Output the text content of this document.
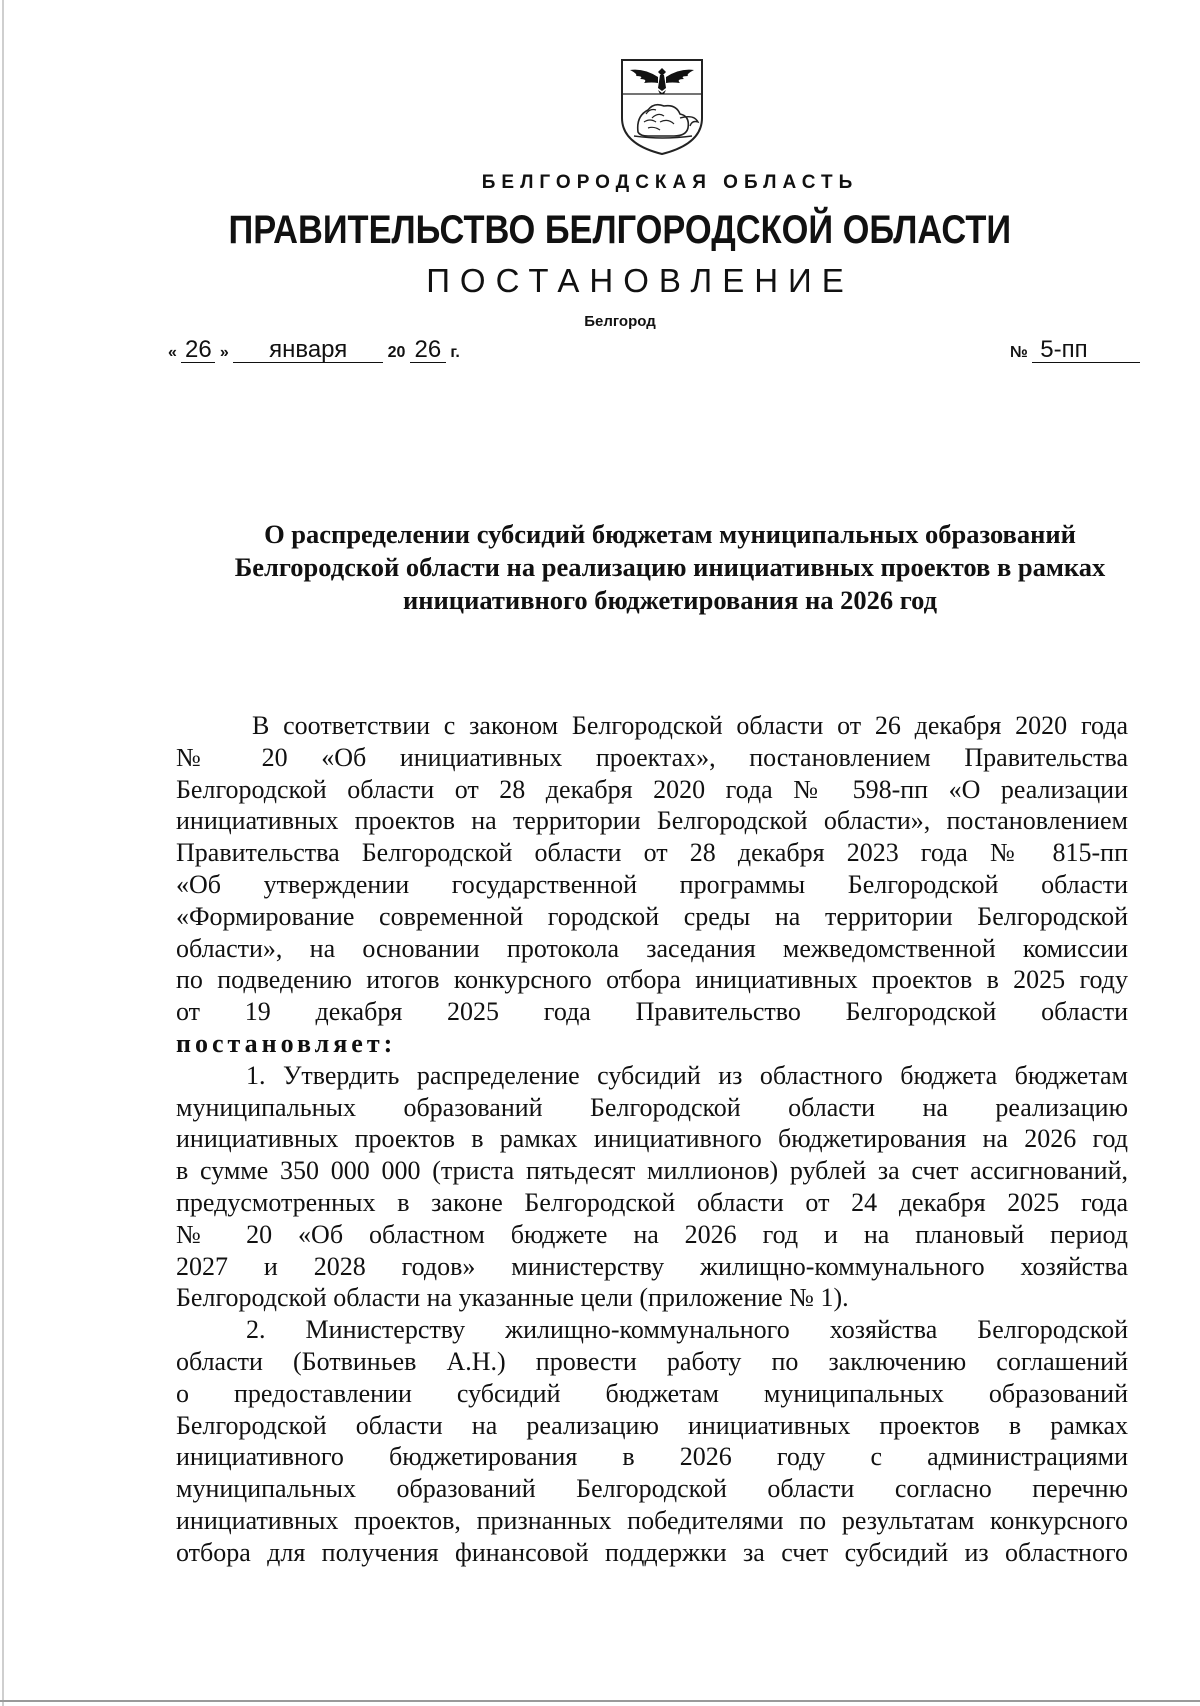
БЕЛГОРОДСКАЯ ОБЛАСТЬ
ПРАВИТЕЛЬСТВО БЕЛГОРОДСКОЙ ОБЛАСТИ
ПОСТАНОВЛЕНИЕ
Белгород
« 26 » января	20 26 г.	№ 5-пп
О распределении субсидий бюджетам муниципальных образований
Белгородской области на реализацию инициативных проектов в рамках
инициативного бюджетирования на 2026 год
В соответствии с законом Белгородской области от 26 декабря 2020 года
№ 20 «Об инициативных проектах», постановлением Правительства
Белгородской области от 28 декабря 2020 года № 598-пп «О реализации
инициативных проектов на территории Белгородской области», постановлением
Правительства Белгородской области от 28 декабря 2023 года № 815-пп
«Об утверждении государственной программы Белгородской области
«Формирование современной городской среды на территории Белгородской
области», на основании протокола заседания межведомственной комиссии
по подведению итогов конкурсного отбора инициативных проектов в 2025 году
от 19 декабря 2025 года Правительство Белгородской области
постановляет:
1. Утвердить распределение субсидий из областного бюджета бюджетам
муниципальных образований Белгородской области на реализацию
инициативных проектов в рамках инициативного бюджетирования на 2026 год
в сумме 350 000 000 (триста пятьдесят миллионов) рублей за счет ассигнований,
предусмотренных в законе Белгородской области от 24 декабря 2025 года
№ 20 «Об областном бюджете на 2026 год и на плановый период
2027 и 2028 годов» министерству жилищно-коммунального хозяйства
Белгородской области на указанные цели (приложение № 1).
2. Министерству жилищно-коммунального хозяйства Белгородской
области (Ботвиньев А.Н.) провести работу по заключению соглашений
о предоставлении субсидий бюджетам муниципальных образований
Белгородской области на реализацию инициативных проектов в рамках
инициативного бюджетирования в 2026 году с администрациями
муниципальных образований Белгородской области согласно перечню
инициативных проектов, признанных победителями по результатам конкурсного
отбора для получения финансовой поддержки за счет субсидий из областного
